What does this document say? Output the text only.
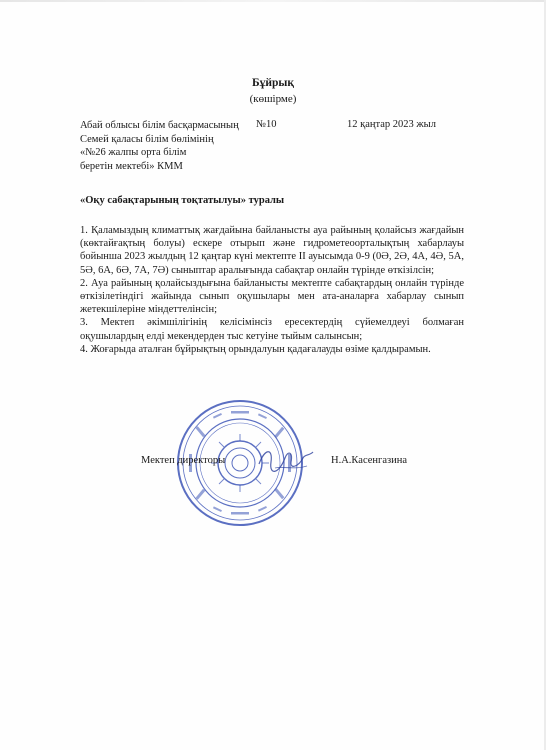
Бұйрық
(көшірме)
Абай облысы білім басқармасының
Семей қаласы білім бөлімінің
«№26 жалпы орта білім
беретін мектебі» КММ
№10	12 қаңтар 2023 жыл
«Оқу сабақтарының тоқтатылуы» туралы

1. Қаламыздың климаттық жағдайына байланысты ауа райының қолайсыз жағдайын (көктайғақтың болуы) ескере отырып және гидрометеоорталықтың хабарлауы бойынша 2023 жылдың 12 қаңтар күні мектепте II ауысымда 0-9 (0Ә, 2Ә, 4А, 4Ә, 5А, 5Ә, 6А, 6Ә, 7А, 7Ә) сыныптар аралығында сабақтар онлайн түрінде өткізілсін;

2. Ауа райының қолайсыздығына байланысты мектепте сабақтардың онлайн түрінде өткізілетіндігі жайында сынып оқушылары мен ата-аналарға хабарлау сынып жетекшілеріне міндеттелінсін;

3. Мектеп әкімшілігінің келісімінсіз ересектердің сүйемелдеуі болмаған оқушылардың елді мекендерден тыс кетуіне тыйым салынсын;

4. Жоғарыда аталған бұйрықтың орындалуын қадағалауды өзіме қалдырамын.

Мектеп директоры	Н.А.Касенгазина
